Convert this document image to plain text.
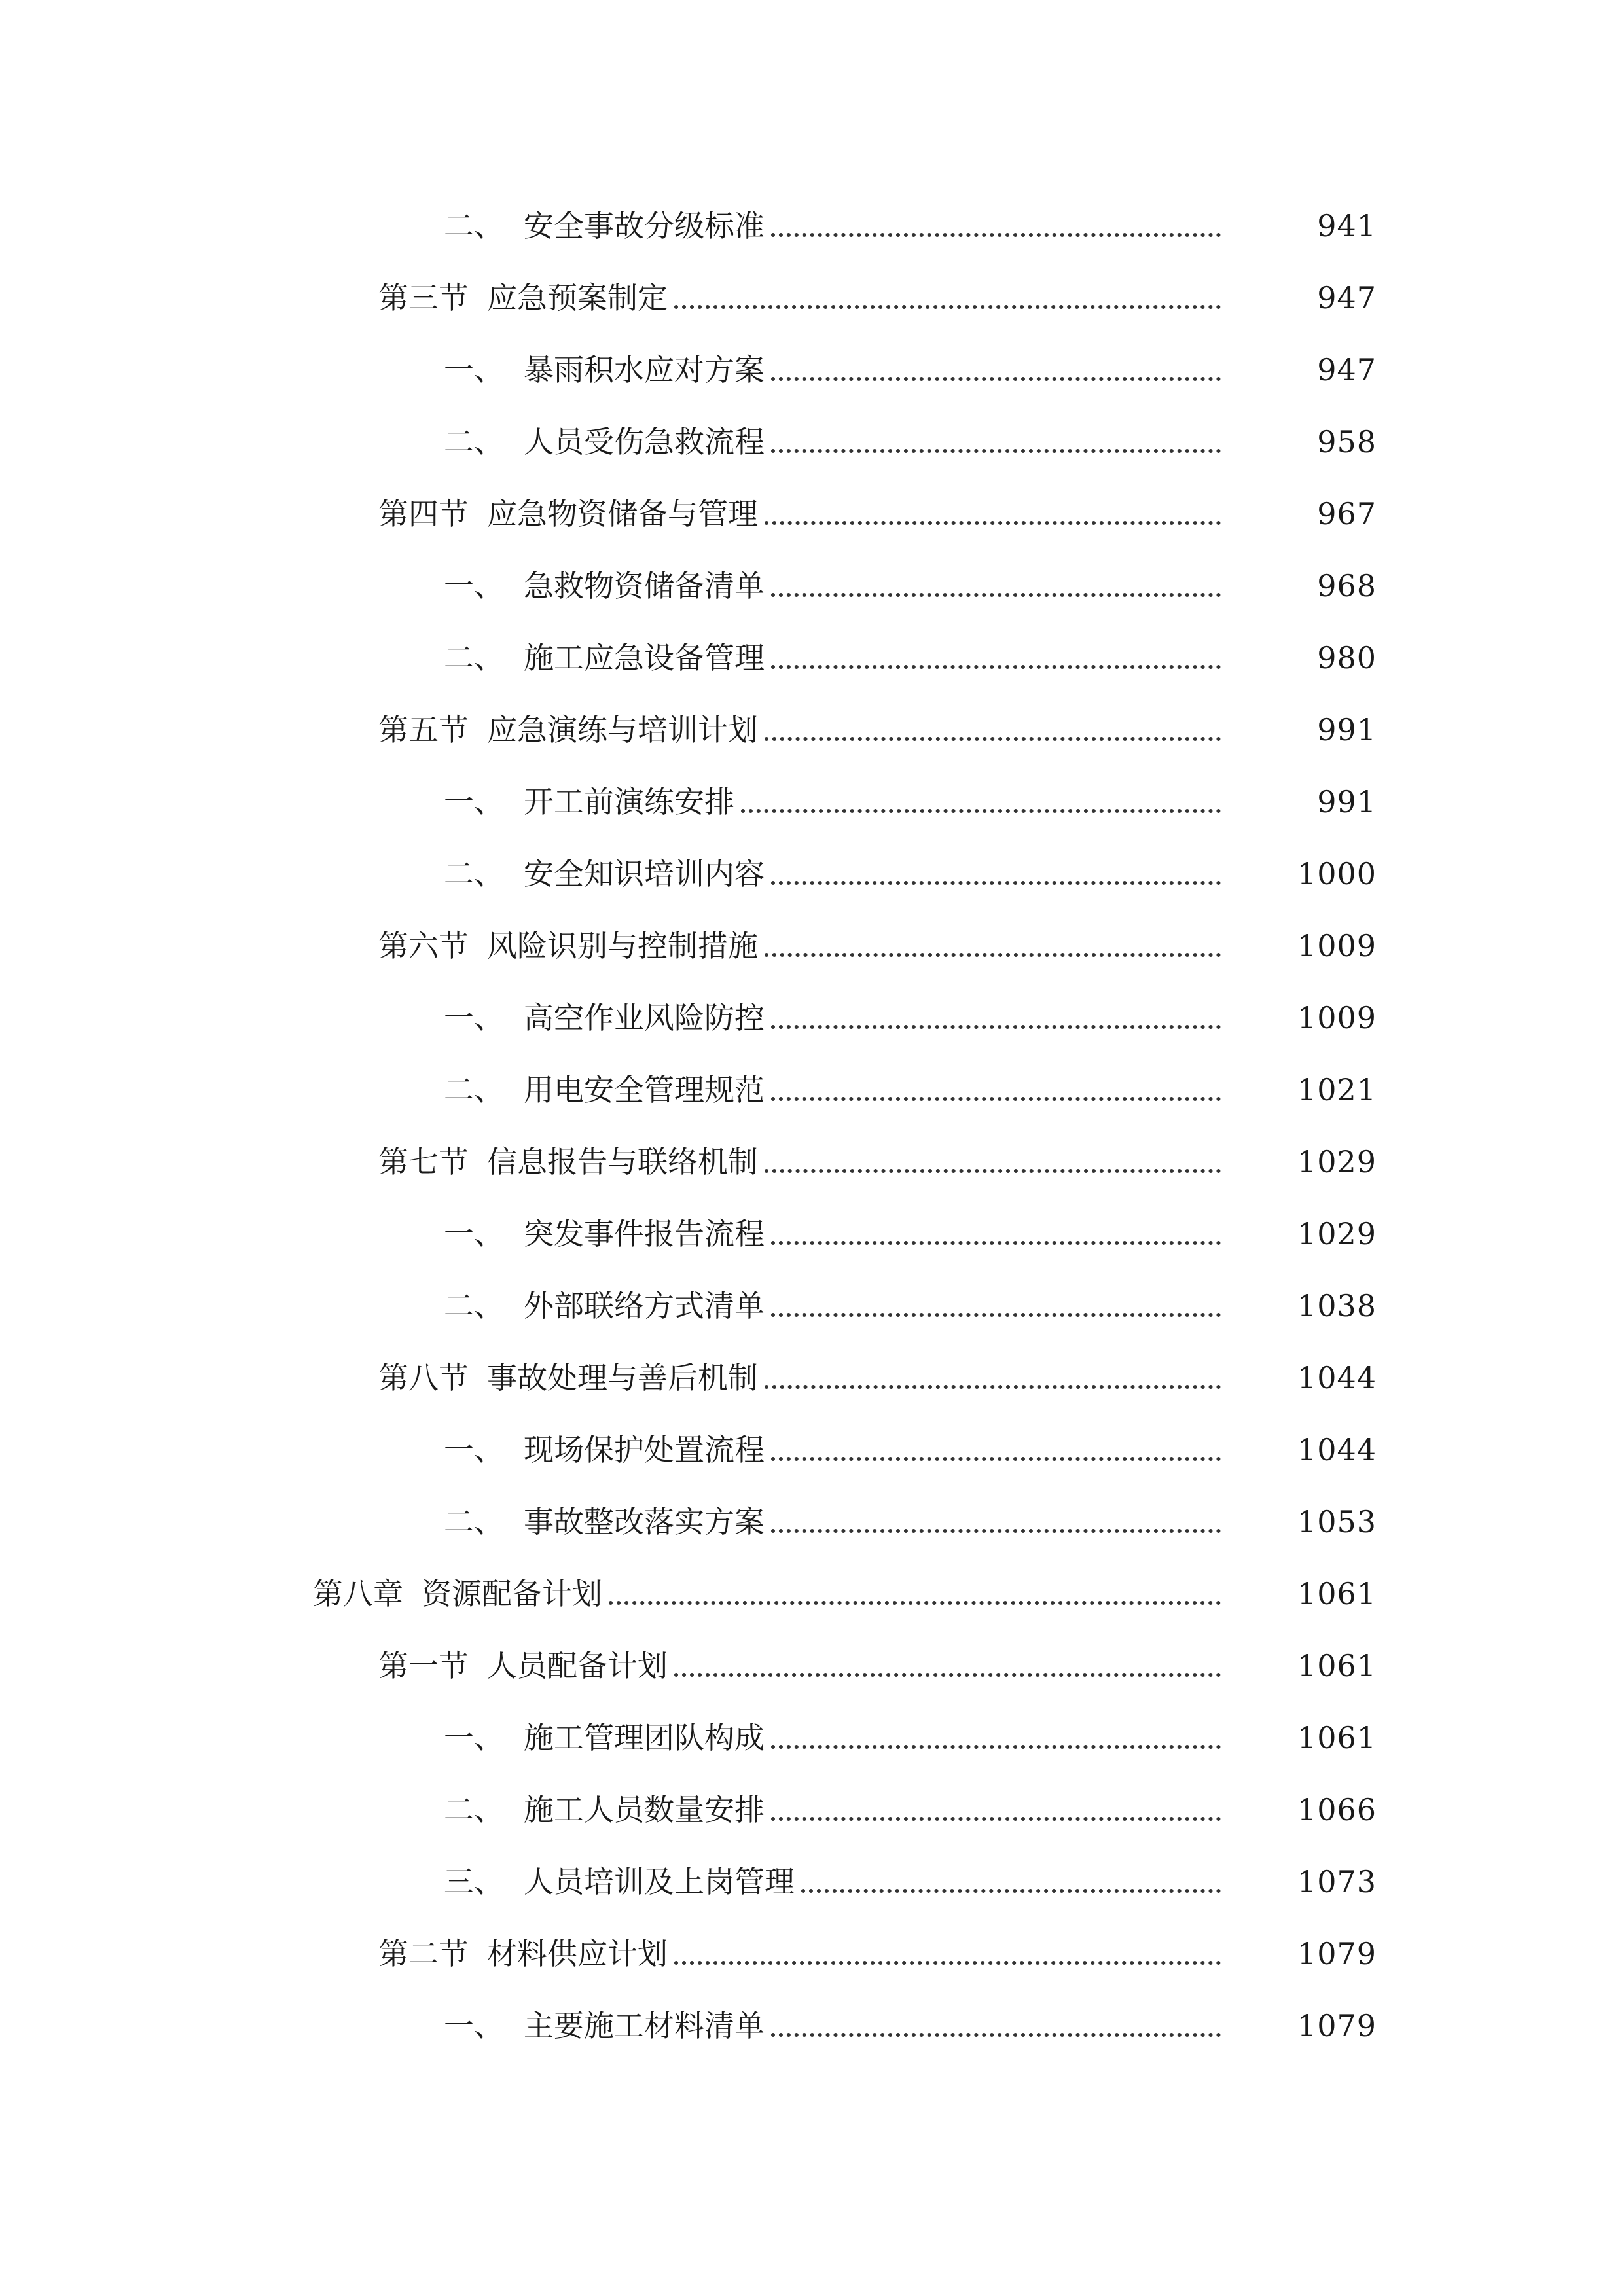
二、 安全事故分级标准	941
第三节 应急预案制定	947
一、 暴雨积水应对方案	947
二、 人员受伤急救流程	958
第四节 应急物资储备与管理	967
一、 急救物资储备清单	968
二、 施工应急设备管理	980
第五节 应急演练与培训计划	991
一、 开工前演练安排	991
二、 安全知识培训内容	1000
第六节 风险识别与控制措施	1009
一、 高空作业风险防控	1009
二、 用电安全管理规范	1021
第七节 信息报告与联络机制	1029
一、 突发事件报告流程	1029
二、 外部联络方式清单	1038
第八节 事故处理与善后机制	1044
一、 现场保护处置流程	1044
二、 事故整改落实方案	1053
第八章 资源配备计划	1061
第一节 人员配备计划	1061
一、 施工管理团队构成	1061
二、 施工人员数量安排	1066
三、 人员培训及上岗管理	1073
第二节 材料供应计划	1079
一、 主要施工材料清单	1079
